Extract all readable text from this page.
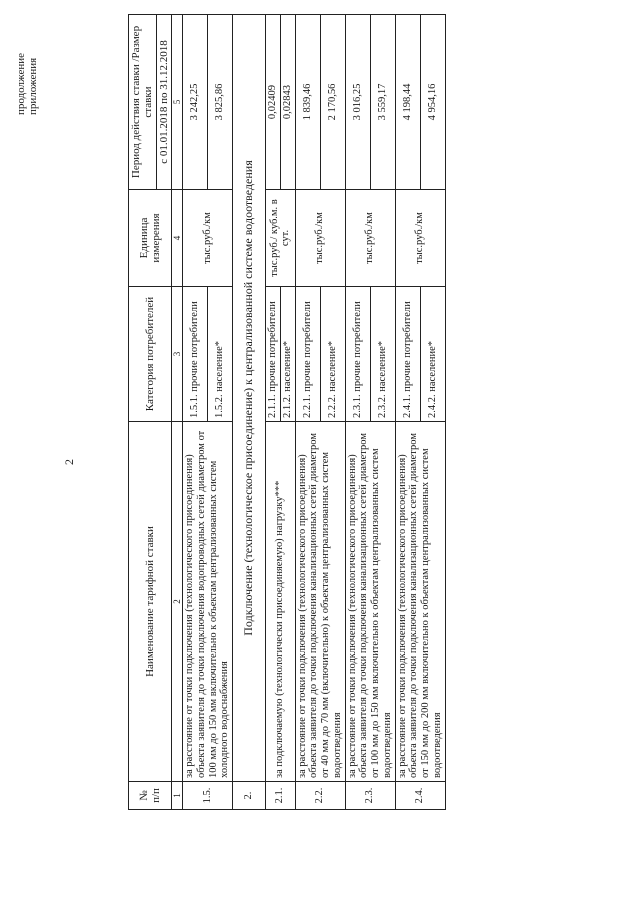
2
продолжение приложения
№ п/п	Наименование тарифной ставки	Категория потребителей	Единица измерения	Период действия ставки /Размер ставки
				с 01.01.2018 по 31.12.2018
1	2	3	4	5
1.5.	за расстояние от точки подключения (технологического присоединения) объекта заявителя до точки подключения водопроводных сетей диаметром от 100 мм до 150 мм включительно к объектам централизованных систем холодного водоснабжения	1.5.1. прочие потребители	тыс.руб./км	3 242,25
		1.5.2. население*		3 825,86
2.	Подключение (технологическое присоединение) к централизованной системе водоотведения			
2.1.	за подключаемую (технологически присоединяемую) нагрузку***	2.1.1. прочие потребители	тыс.руб./ куб.м. в сут.	0,02409
		2.1.2. население*		0,02843
2.2.	за расстояние от точки подключения (технологического присоединения) объекта заявителя до точки подключения канализационных сетей диаметром от 40 мм до 70 мм (включительно) к объектам централизованных систем водоотведения	2.2.1. прочие потребители	тыс.руб./км	1 839,46
		2.2.2. население*		2 170,56
2.3.	за расстояние от точки подключения (технологического присоединения) объекта заявителя до точки подключения канализационных сетей диаметром от 100 мм до 150 мм включительно к объектам централизованных систем водоотведения	2.3.1. прочие потребители	тыс.руб./км	3 016,25
		2.3.2. население*		3 559,17
2.4.	за расстояние от точки подключения (технологического присоединения) объекта заявителя до точки подключения канализационных сетей диаметром от 150 мм до 200 мм включительно к объектам централизованных систем водоотведения	2.4.1. прочие потребители	тыс.руб./км	4 198,44
		2.4.2. население*		4 954,16
